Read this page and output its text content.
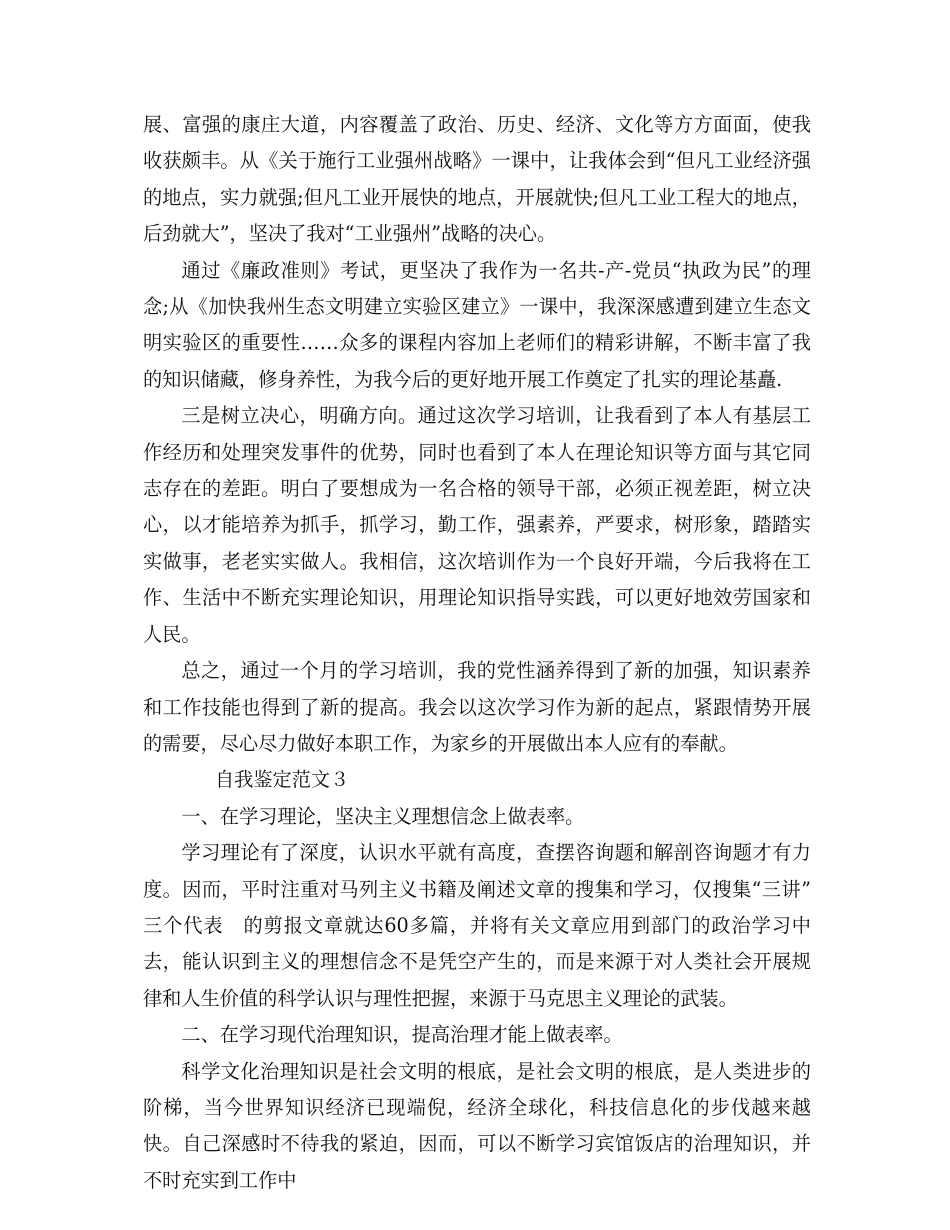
展、富强的康庄大道，内容覆盖了政治、历史、经济、文化等方方面面，使我收获颇丰。从《关于施行工业强州战略》一课中，让我体会到“但凡工业经济强的地点，实力就强;但凡工业开展快的地点，开展就快;但凡工业工程大的地点，后劲就大”，坚决了我对“工业强州”战略的决心。

通过《廉政准则》考试，更坚决了我作为一名共-产-党员“执政为民”的理念;从《加快我州生态文明建立实验区建立》一课中，我深深感遭到建立生态文明实验区的重要性……众多的课程内容加上老师们的精彩讲解，不断丰富了我的知识储藏，修身养性，为我今后的更好地开展工作奠定了扎实的理论基矗.

三是树立决心，明确方向。通过这次学习培训，让我看到了本人有基层工作经历和处理突发事件的优势，同时也看到了本人在理论知识等方面与其它同志存在的差距。明白了要想成为一名合格的领导干部，必须正视差距，树立决心，以才能培养为抓手，抓学习，勤工作，强素养，严要求，树形象，踏踏实实做事，老老实实做人。我相信，这次培训作为一个良好开端，今后我将在工作、生活中不断充实理论知识，用理论知识指导实践，可以更好地效劳国家和人民。

总之，通过一个月的学习培训，我的党性涵养得到了新的加强，知识素养和工作技能也得到了新的提高。我会以这次学习作为新的起点，紧跟情势开展的需要，尽心尽力做好本职工作，为家乡的开展做出本人应有的奉献。

自我鉴定范文３

一、在学习理论，坚决主义理想信念上做表率。

学习理论有了深度，认识水平就有高度，查摆咨询题和解剖咨询题才有力度。因而，平时注重对马列主义书籍及阐述文章的搜集和学习，仅搜集“三讲”　三个代表　的剪报文章就达60多篇，并将有关文章应用到部门的政治学习中去，能认识到主义的理想信念不是凭空产生的，而是来源于对人类社会开展规律和人生价值的科学认识与理性把握，来源于马克思主义理论的武装。

二、在学习现代治理知识，提高治理才能上做表率。

科学文化治理知识是社会文明的根底，是社会文明的根底，是人类进步的阶梯，当今世界知识经济已现端倪，经济全球化，科技信息化的步伐越来越快。自己深感时不待我的紧迫，因而，可以不断学习宾馆饭店的治理知识，并不时充实到工作中
